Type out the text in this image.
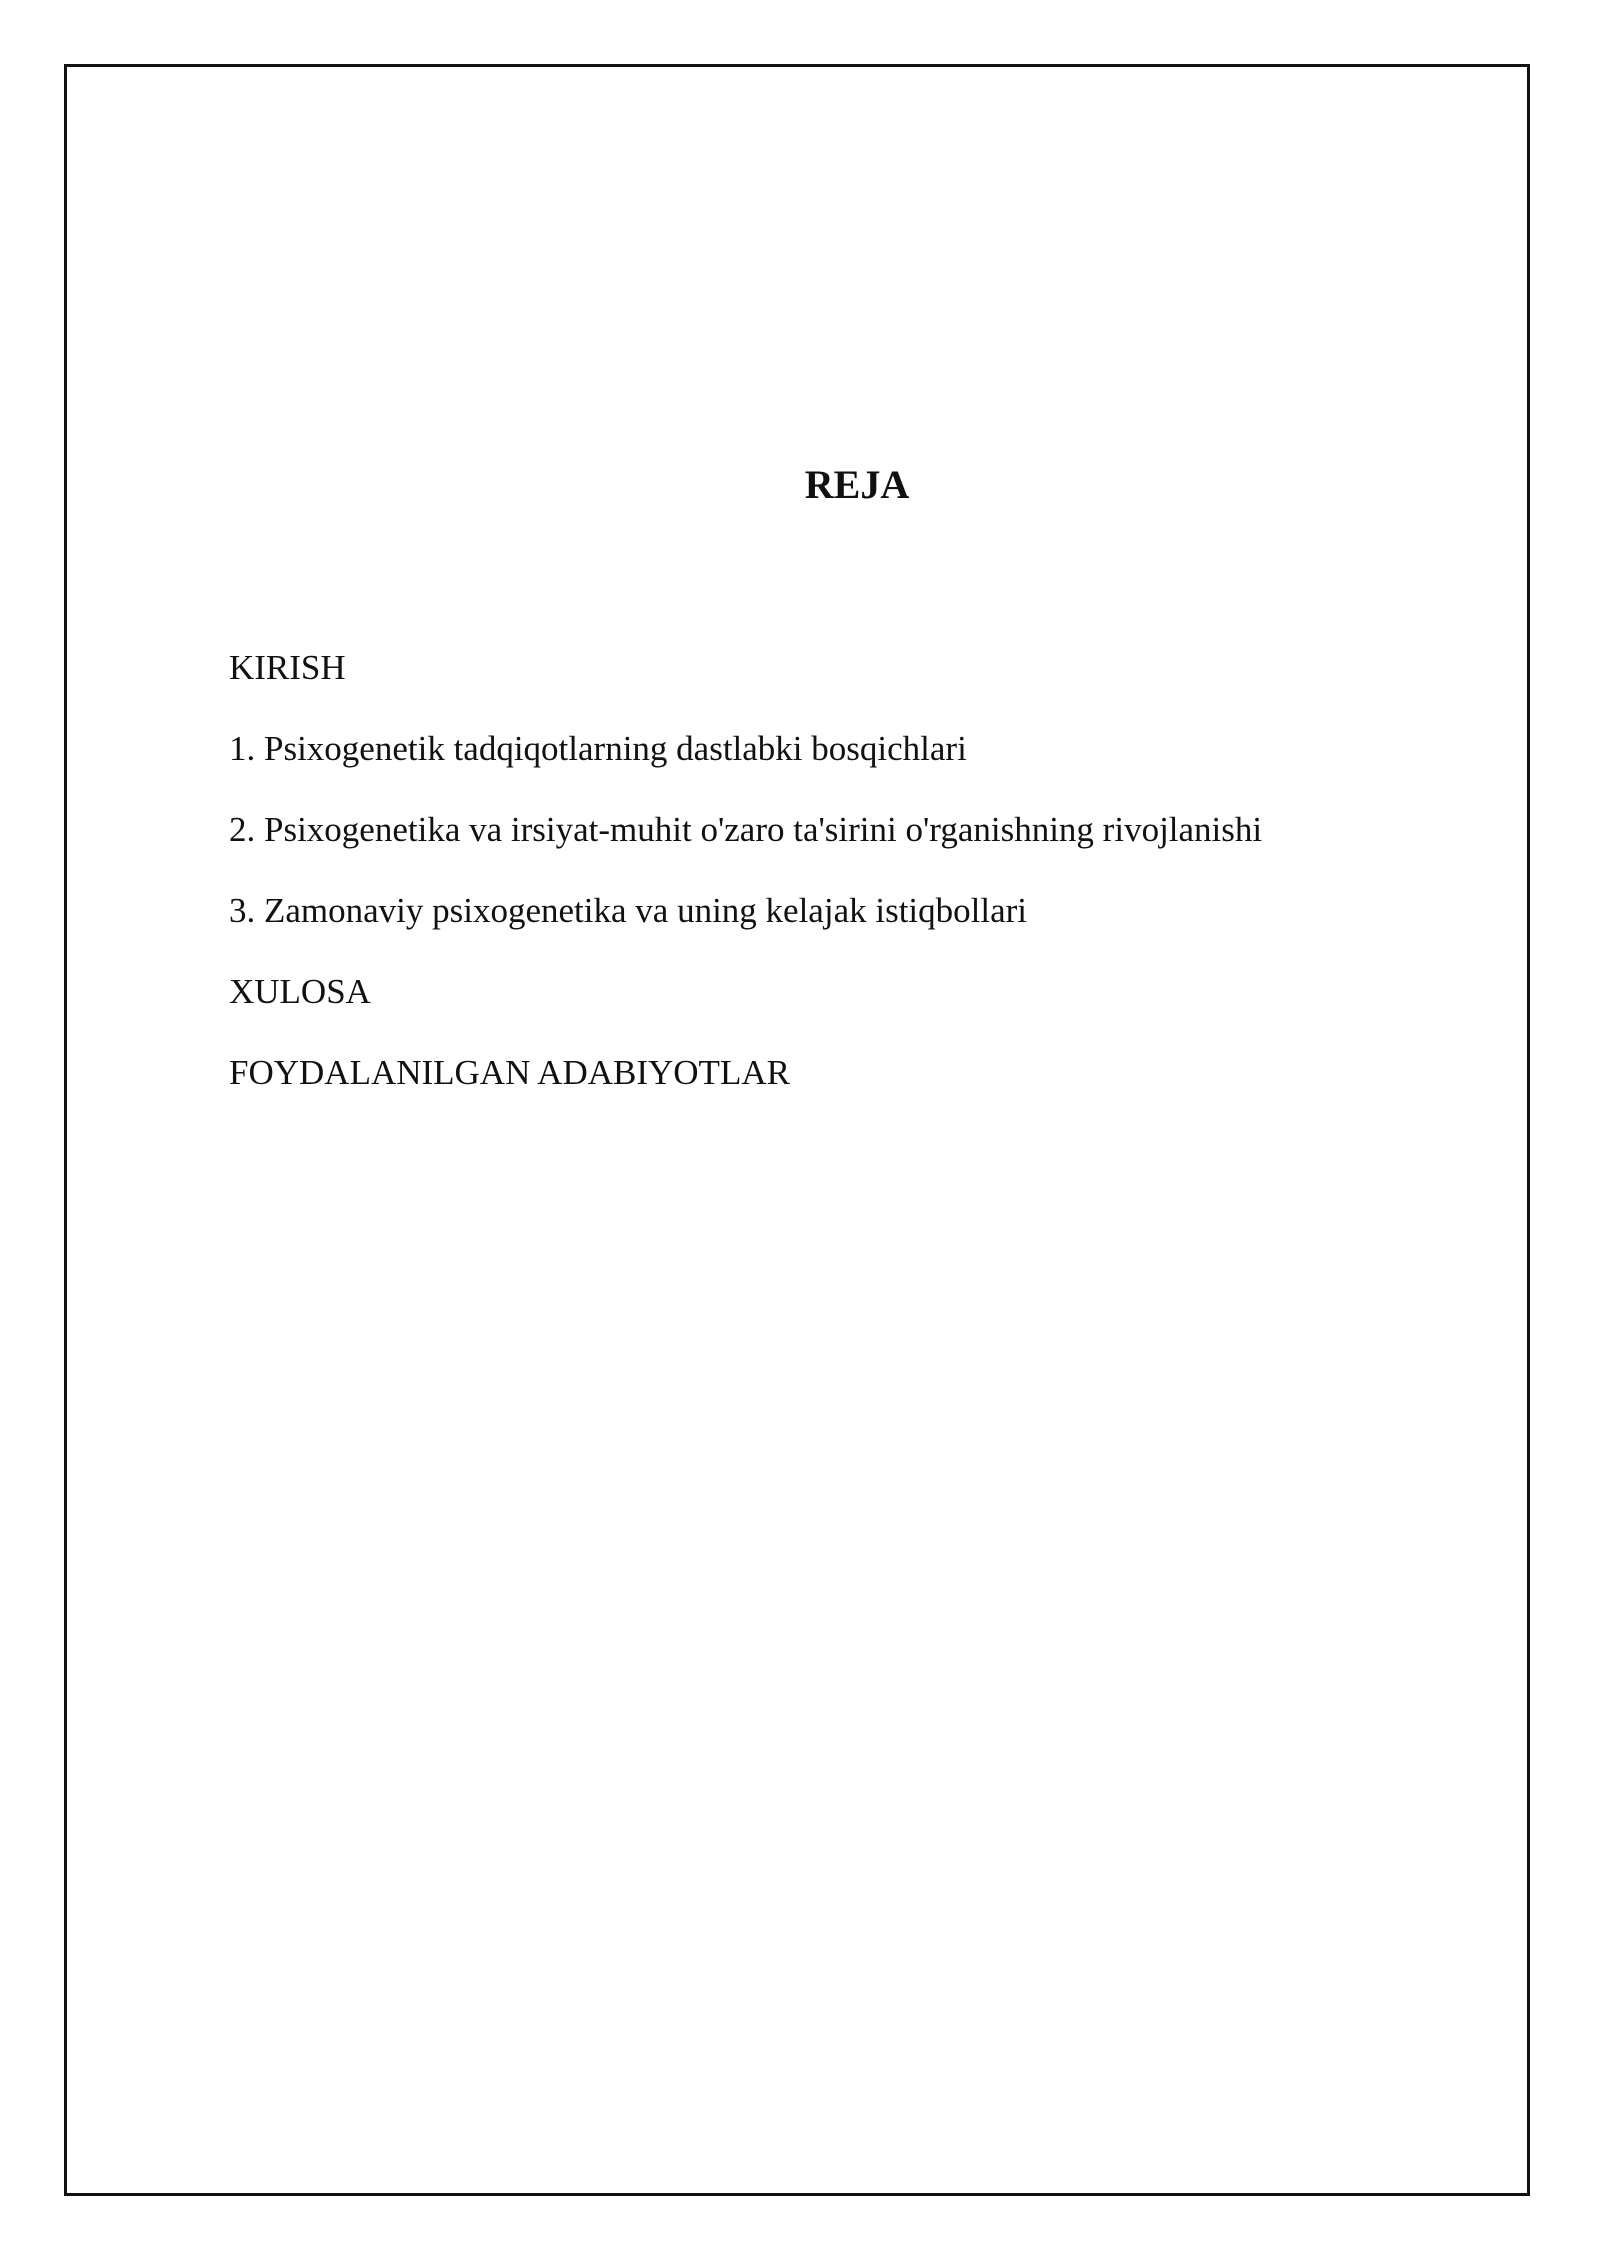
REJA
KIRISH
1. Psixogenetik tadqiqotlarning dastlabki bosqichlari
2. Psixogenetika va irsiyat-muhit o'zaro ta'sirini o'rganishning rivojlanishi
3. Zamonaviy psixogenetika va uning kelajak istiqbollari
XULOSA
FOYDALANILGAN ADABIYOTLAR
